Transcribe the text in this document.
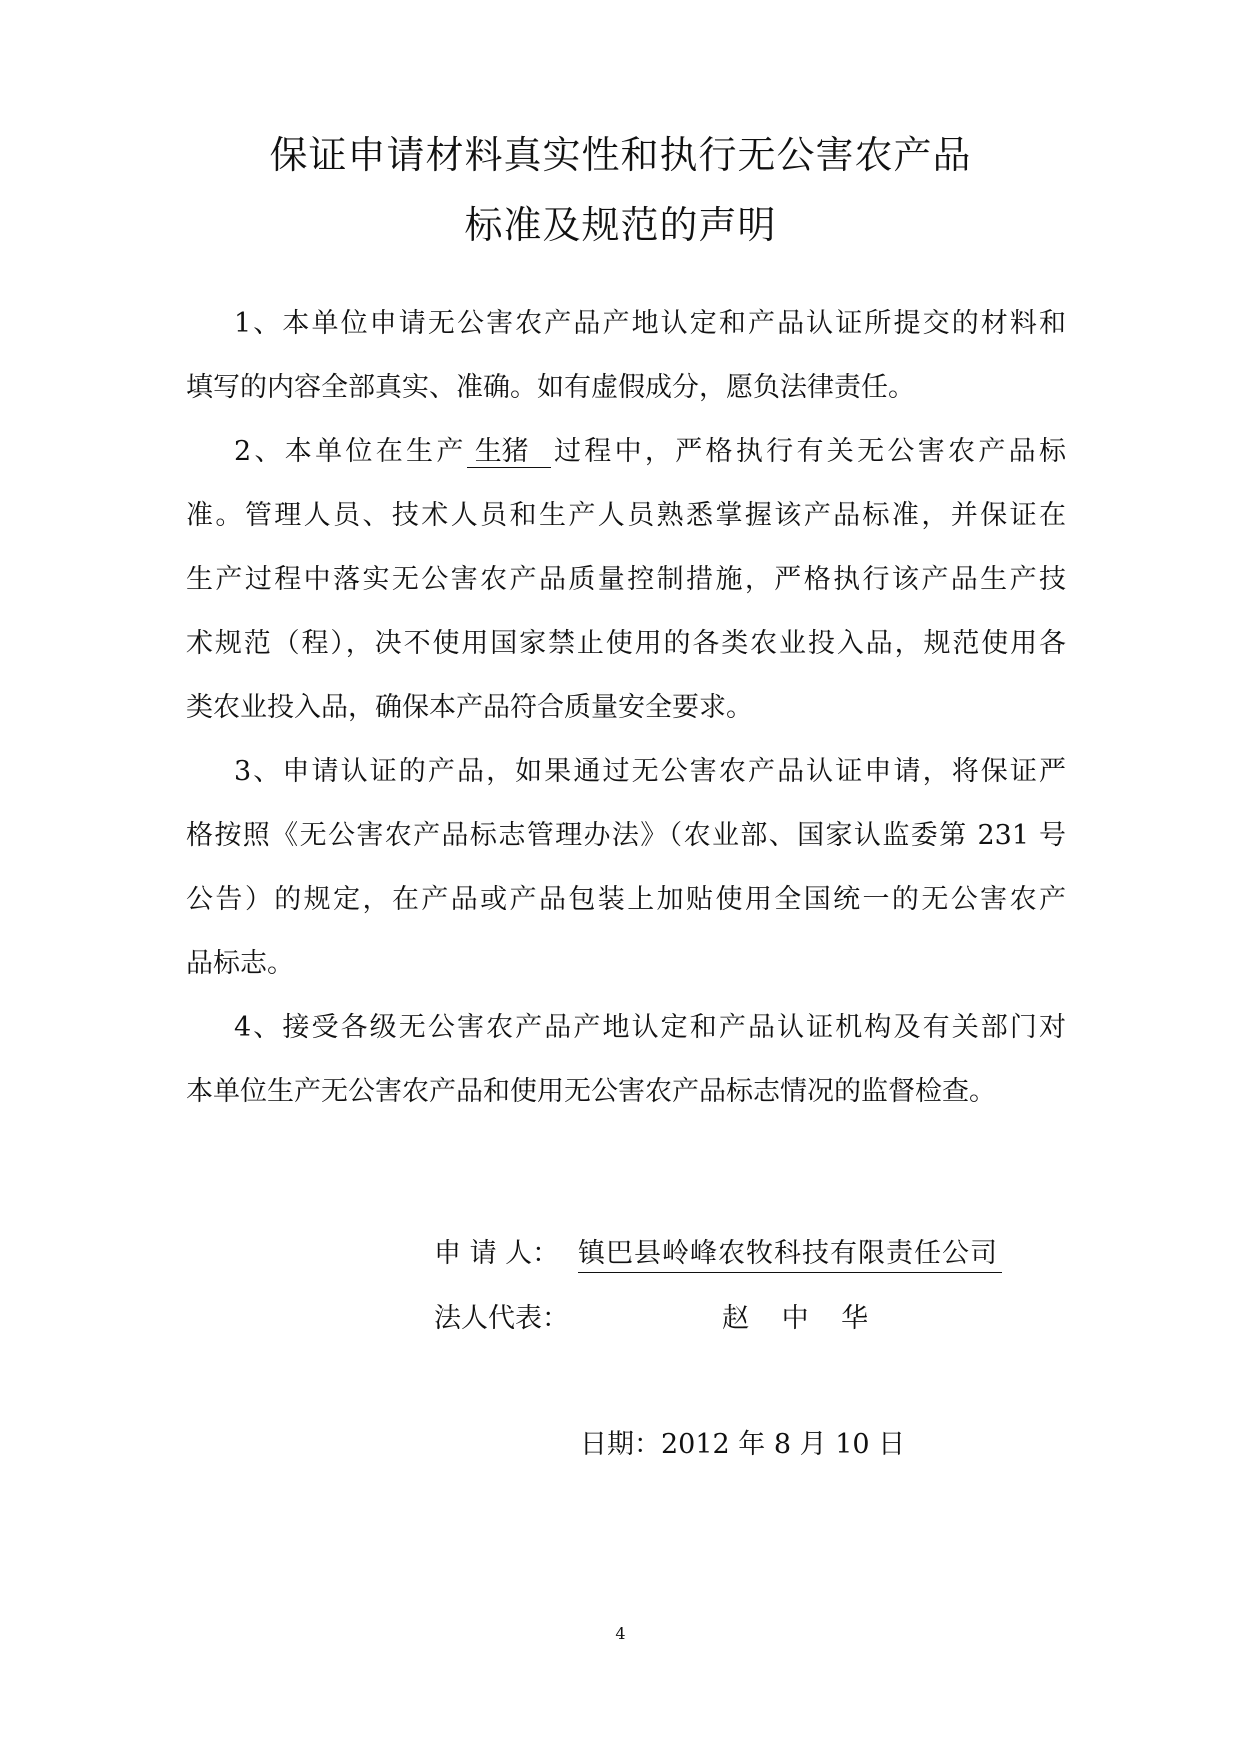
保证申请材料真实性和执行无公害农产品
标准及规范的声明
1、本单位申请无公害农产品产地认定和产品认证所提交的材料和
填写的内容全部真实、准确。如有虚假成分，愿负法律责任。
2、本单位在生产 生猪 过程中，严格执行有关无公害农产品标
准。管理人员、技术人员和生产人员熟悉掌握该产品标准，并保证在
生产过程中落实无公害农产品质量控制措施，严格执行该产品生产技
术规范（程），决不使用国家禁止使用的各类农业投入品，规范使用各
类农业投入品，确保本产品符合质量安全要求。
3、申请认证的产品，如果通过无公害农产品认证申请，将保证严
格按照《无公害农产品标志管理办法》（农业部、国家认监委第 231 号
公告）的规定，在产品或产品包装上加贴使用全国统一的无公害农产
品标志。
4、接受各级无公害农产品产地认定和产品认证机构及有关部门对
本单位生产无公害农产品和使用无公害农产品标志情况的监督检查。
申 请 人： 镇巴县岭峰农牧科技有限责任公司
法人代表：	赵 中 华
日期：2012 年 8 月 10 日
4
